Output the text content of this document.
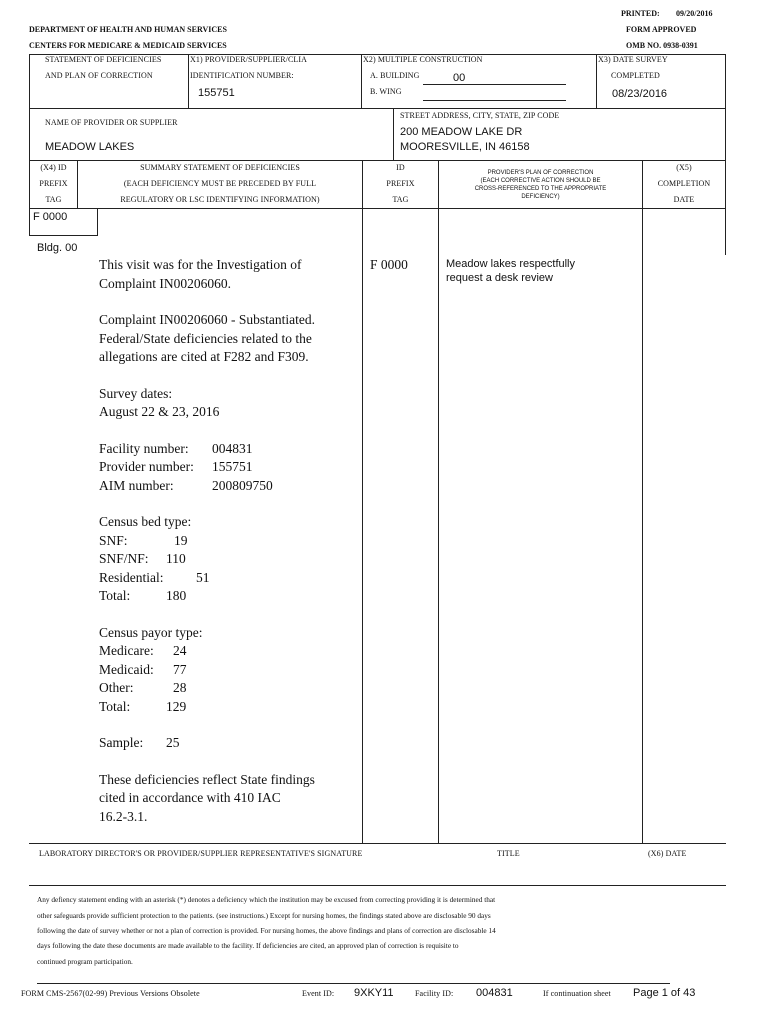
PRINTED: 09/20/2016
FORM APPROVED
OMB NO. 0938-0391
DEPARTMENT OF HEALTH AND HUMAN SERVICES
CENTERS FOR MEDICARE & MEDICAID SERVICES
STATEMENT OF DEFICIENCIES
AND PLAN OF CORRECTION
X1) PROVIDER/SUPPLIER/CLIA
IDENTIFICATION NUMBER:
155751
X2) MULTIPLE CONSTRUCTION
A. BUILDING	00
B. WING
X3) DATE SURVEY
COMPLETED
08/23/2016
NAME OF PROVIDER OR SUPPLIER
MEADOW LAKES
STREET ADDRESS, CITY, STATE, ZIP CODE
200 MEADOW LAKE DR
MOORESVILLE, IN 46158
(X4) ID
PREFIX
TAG
SUMMARY STATEMENT OF DEFICIENCIES
(EACH DEFICIENCY MUST BE PRECEDED BY FULL
REGULATORY OR LSC IDENTIFYING INFORMATION)
ID
PREFIX
TAG
PROVIDER'S PLAN OF CORRECTION
(EACH CORRECTIVE ACTION SHOULD BE
CROSS-REFERENCED TO THE APPROPRIATE
DEFICIENCY)
(X5)
COMPLETION
DATE
F 0000
Bldg. 00
F 0000	Meadow lakes respectfully
request a desk review
This visit was for the Investigation of
Complaint IN00206060.
Complaint IN00206060 - Substantiated.
Federal/State deficiencies related to the
allegations are cited at F282 and F309.
Survey dates:
August 22 & 23, 2016
Facility number: 004831
Provider number: 155751
AIM number:	200809750
Census bed type:
SNF:	19
SNF/NF: 110
Residential: 51
Total:	180
Census payor type:
Medicare: 24
Medicaid: 77
Other:	28
Total:	129
Sample: 25
These deficiencies reflect State findings
cited in accordance with 410 IAC
16.2-3.1.
LABORATORY DIRECTOR'S OR PROVIDER/SUPPLIER REPRESENTATIVE'S SIGNATURE	TITLE	(X6) DATE
Any defiency statement ending with an asterisk (*) denotes a deficiency which the institution may be excused from correcting providing it is determined that
other safeguards provide sufficient protection to the patients. (see instructions.) Except for nursing homes, the findings stated above are disclosable 90 days
following the date of survey whether or not a plan of correction is provided. For nursing homes, the above findings and plans of correction are disclosable 14
days following the date these documents are made available to the facility. If deficiencies are cited, an approved plan of correction is requisite to
continued program participation.
FORM CMS-2567(02-99) Previous Versions Obsolete	Event ID: 9XKY11	Facility ID: 004831	If continuation sheet Page 1 of 43
